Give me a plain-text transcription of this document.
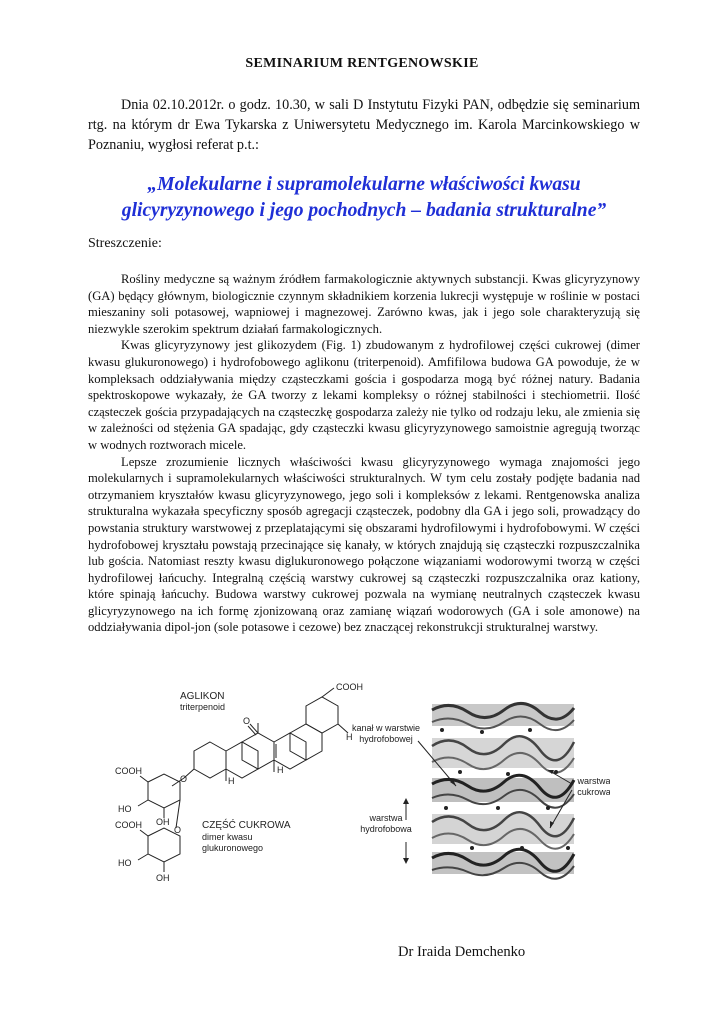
SEMINARIUM RENTGENOWSKIE

Dnia 02.10.2012r. o godz. 10.30, w sali D Instytutu Fizyki PAN, odbędzie się seminarium rtg. na którym dr Ewa Tykarska z Uniwersytetu Medycznego im. Karola Marcinkowskiego w Poznaniu, wygłosi referat p.t.:

„Molekularne i supramolekularne właściwości kwasu
glicyryzynowego i jego pochodnych – badania strukturalne”
Streszczenie:

Rośliny medyczne są ważnym źródłem farmakologicznie aktywnych substancji. Kwas glicyryzynowy (GA) będący głównym, biologicznie czynnym składnikiem korzenia lukrecji występuje w roślinie w postaci mieszaniny soli potasowej, wapniowej i magnezowej. Zarówno kwas, jak i jego sole charakteryzują się niezwykle szerokim spektrum działań farmakologicznych.

Kwas glicyryzynowy jest glikozydem (Fig. 1) zbudowanym z hydrofilowej części cukrowej (dimer kwasu glukuronowego) i hydrofobowego aglikonu (triterpenoid). Amfifilowa budowa GA powoduje, że w kompleksach oddziaływania między cząsteczkami gościa i gospodarza mogą być różnej natury. Badania spektroskopowe wykazały, że GA tworzy z lekami kompleksy o różnej stabilności i stechiometrii. Ilość cząsteczek gościa przypadających na cząsteczkę gospodarza zależy nie tylko od rodzaju leku, ale zmienia się w zależności od stężenia GA spadając, gdy cząsteczki kwasu glicyryzynowego samoistnie agregują tworząc w wodnych roztworach micele.

Lepsze zrozumienie licznych właściwości kwasu glicyryzynowego wymaga znajomości jego molekularnych i supramolekularnych właściwości strukturalnych. W tym celu zostały podjęte badania nad otrzymaniem kryształów kwasu glicyryzynowego, jego soli i kompleksów z lekami. Rentgenowska analiza strukturalna wykazała specyficzny sposób agregacji cząsteczek, podobny dla GA i jego soli, prowadzący do powstania struktury warstwowej z przeplatającymi się obszarami hydrofilowymi i hydrofobowymi. W części hydrofobowej kryształu powstają przecinające się kanały, w których znajdują się cząsteczki rozpuszczalnika lub gościa. Natomiast reszty kwasu diglukuronowego połączone wiązaniami wodorowymi tworzą w części hydrofilowej łańcuchy. Integralną częścią warstwy cukrowej są cząsteczki rozpuszczalnika oraz kationy, które spinają łańcuchy. Budowa warstwy cukrowej pozwala na wymianę neutralnych cząsteczek kwasu glicyryzynowego na ich formę zjonizowaną oraz zamianę wiązań wodorowych (GA i sole amonowe) na oddziaływania dipol-jon (sole potasowe i cezowe) bez znaczącej rekonstrukcji strukturalnej warstwy.

AGLIKON
triterpenoid
COOH
O
H
H
H
O
COOH
HO
OH
O
COOH
HO
OH
CZĘŚĆ CUKROWA
dimer kwasu
glukuronowego
kanał w warstwie
hydrofobowej
warstwa
cukrowa
warstwa
hydrofobowa
Dr Iraida Demchenko
